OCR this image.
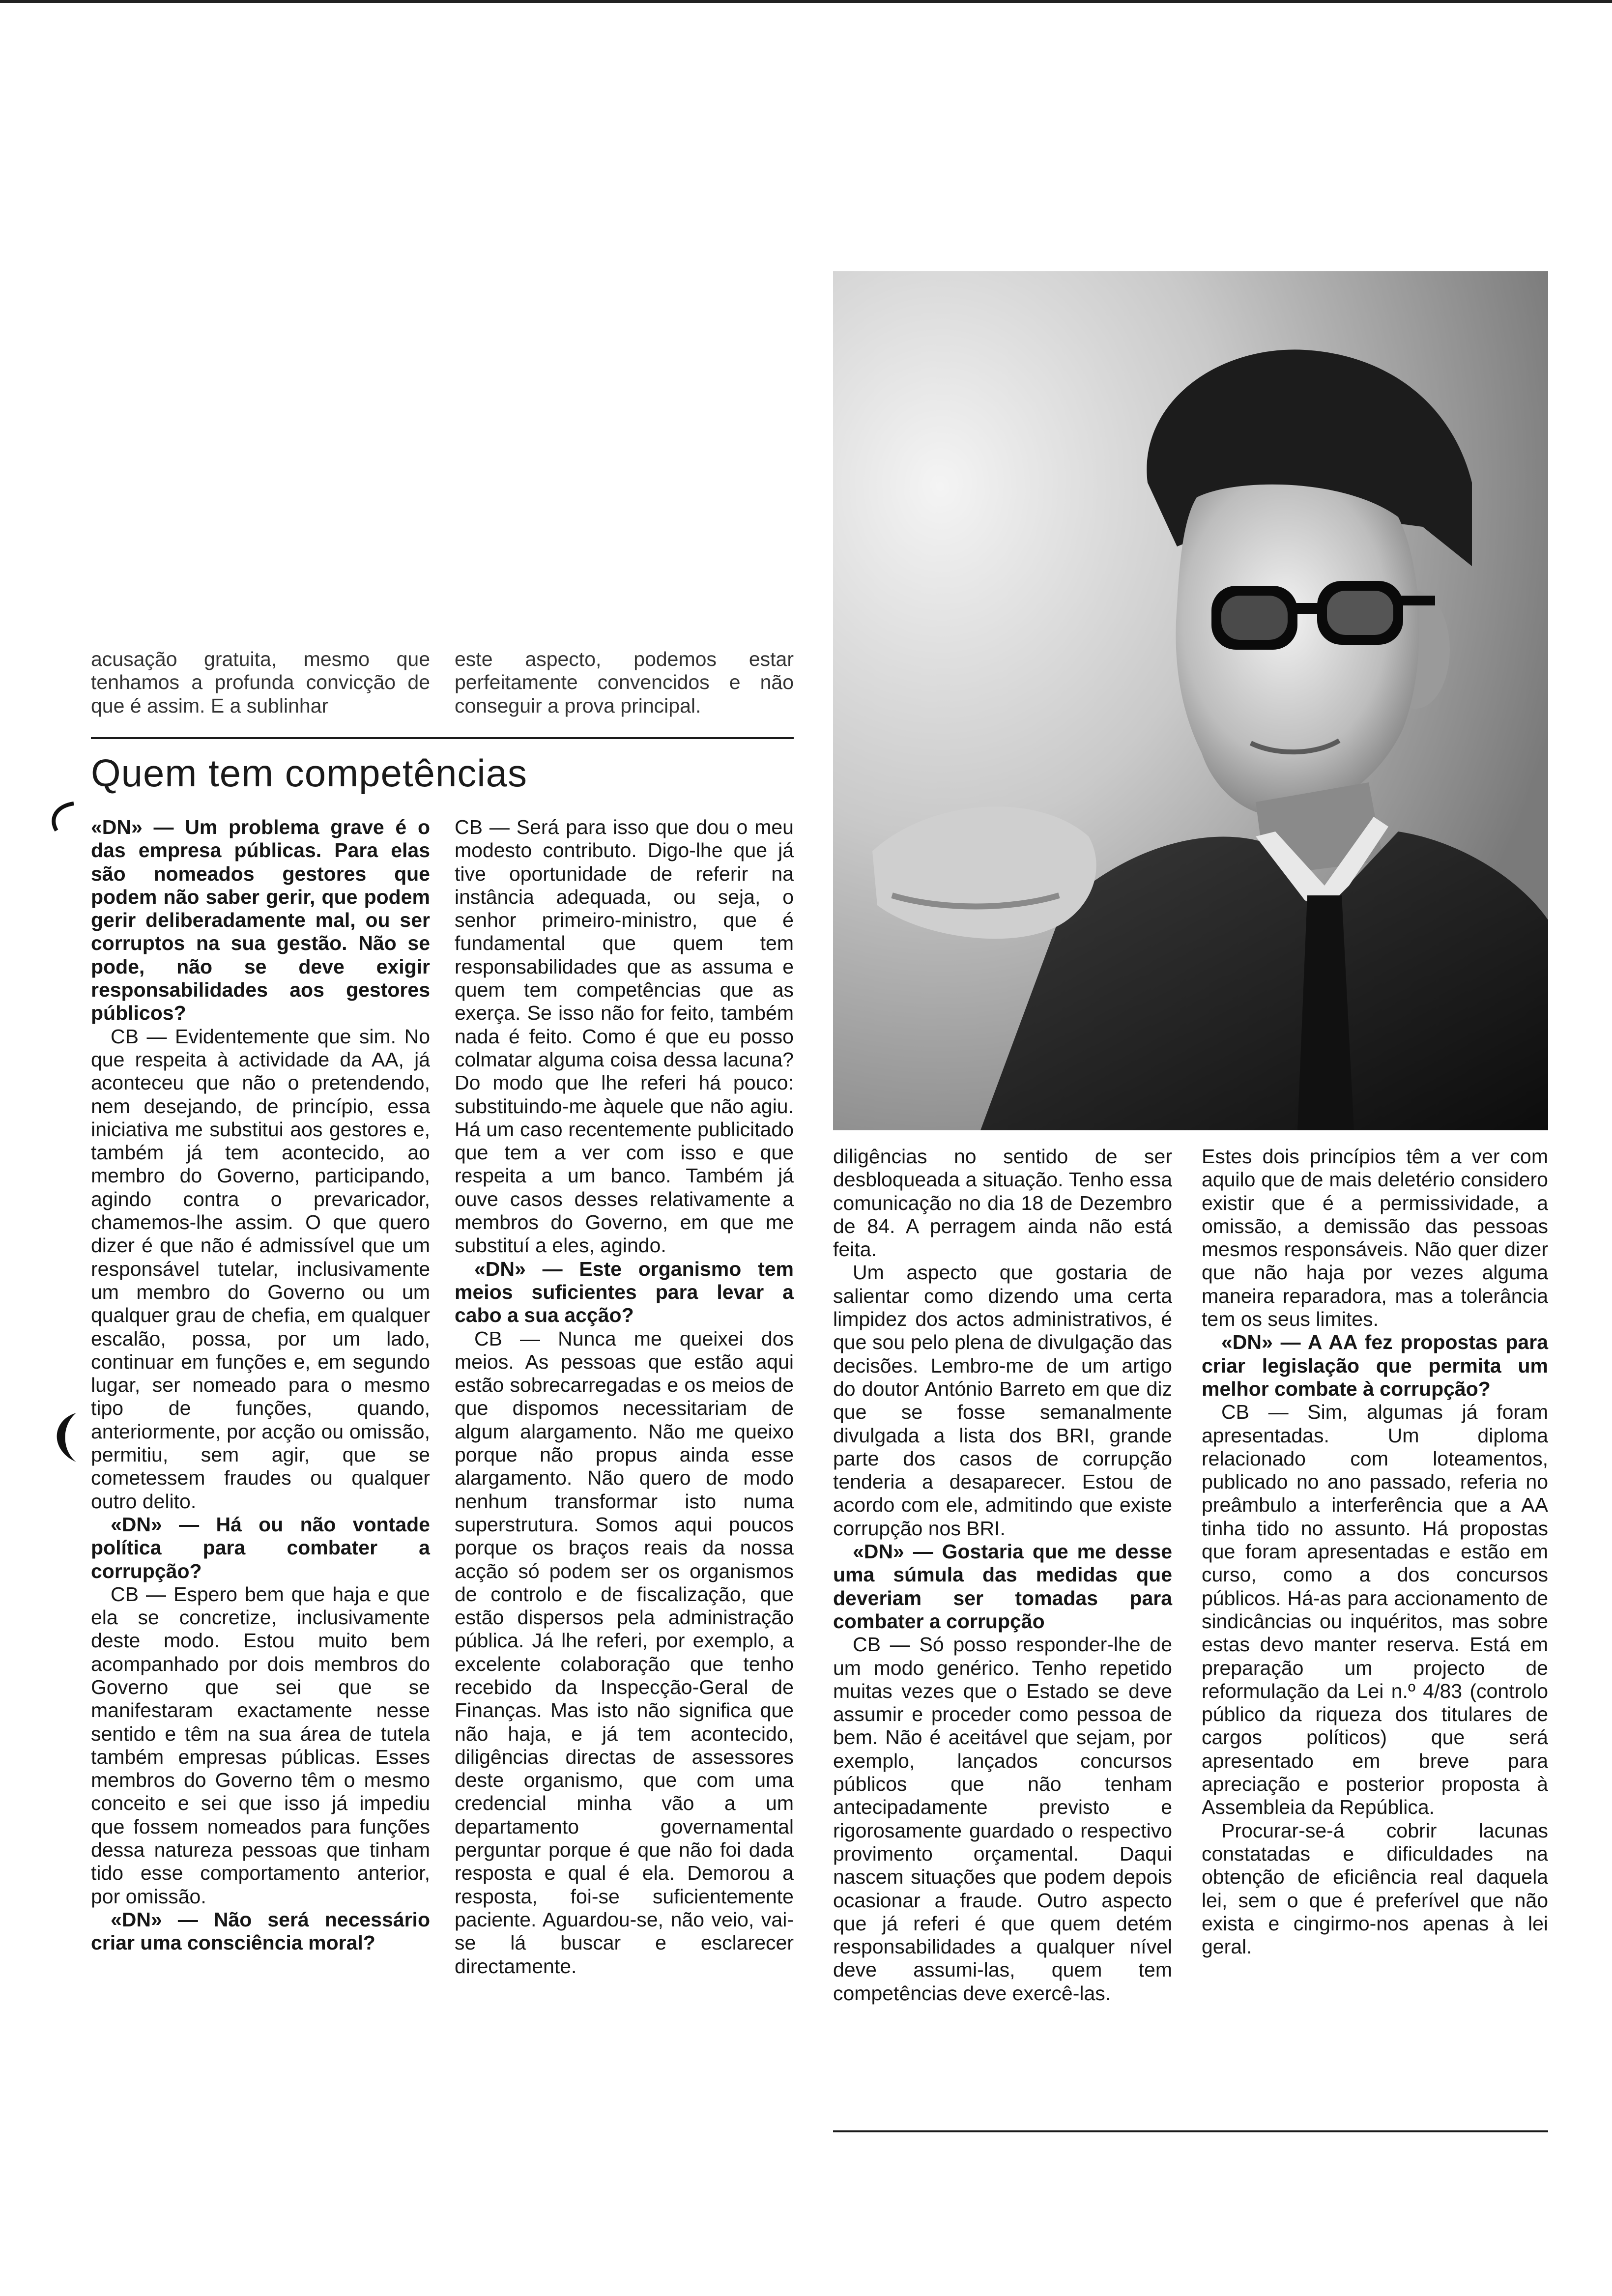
acusação gratuita, mesmo que tenhamos a profunda convicção de que é assim. E a sublinhar

este aspecto, podemos estar perfeitamente convencidos e não conseguir a prova principal.

Quem tem competências

«DN» — Um problema grave é o das empresa públicas. Para elas são nomeados gestores que podem não saber gerir, que podem gerir deliberadamente mal, ou ser corruptos na sua gestão. Não se pode, não se deve exigir responsabilidades aos gestores públicos?

CB — Evidentemente que sim. No que respeita à actividade da AA, já aconteceu que não o pretendendo, nem desejando, de princípio, essa iniciativa me substitui aos gestores e, também já tem acontecido, ao membro do Governo, participando, agindo contra o prevaricador, chamemos-lhe assim. O que quero dizer é que não é admissível que um responsável tutelar, inclusivamente um membro do Governo ou um qualquer grau de chefia, em qualquer escalão, possa, por um lado, continuar em funções e, em segundo lugar, ser nomeado para o mesmo tipo de funções, quando, anteriormente, por acção ou omissão, permitiu, sem agir, que se cometessem fraudes ou qualquer outro delito.

«DN» — Há ou não vontade política para combater a corrupção?

CB — Espero bem que haja e que ela se concretize, inclusivamente deste modo. Estou muito bem acompanhado por dois membros do Governo que sei que se manifestaram exactamente nesse sentido e têm na sua área de tutela também empresas públicas. Esses membros do Governo têm o mesmo conceito e sei que isso já impediu que fossem nomeados para funções dessa natureza pessoas que tinham tido esse comportamento anterior, por omissão.

«DN» — Não será necessário criar uma consciência moral?

CB — Será para isso que dou o meu modesto contributo. Digo-lhe que já tive oportunidade de referir na instância adequada, ou seja, o senhor primeiro-ministro, que é fundamental que quem tem responsabilidades que as assuma e quem tem competências que as exerça. Se isso não for feito, também nada é feito. Como é que eu posso colmatar alguma coisa dessa lacuna? Do modo que lhe referi há pouco: substituindo-me àquele que não agiu. Há um caso recentemente publicitado que tem a ver com isso e que respeita a um banco. Também já ouve casos desses relativamente a membros do Governo, em que me substituí a eles, agindo.

«DN» — Este organismo tem meios suficientes para levar a cabo a sua acção?

CB — Nunca me queixei dos meios. As pessoas que estão aqui estão sobrecarregadas e os meios de que dispomos necessitariam de algum alargamento. Não me queixo porque não propus ainda esse alargamento. Não quero de modo nenhum transformar isto numa superstrutura. Somos aqui poucos porque os braços reais da nossa acção só podem ser os organismos de controlo e de fiscalização, que estão dispersos pela administração pública. Já lhe referi, por exemplo, a excelente colaboração que tenho recebido da Inspecção-Geral de Finanças. Mas isto não significa que não haja, e já tem acontecido, diligências directas de assessores deste organismo, que com uma credencial minha vão a um departamento governamental perguntar porque é que não foi dada resposta e qual é ela. Demorou a resposta, foi-se suficientemente paciente. Aguardou-se, não veio, vai-se lá buscar e esclarecer directamente.

diligências no sentido de ser desbloqueada a situação. Tenho essa comunicação no dia 18 de Dezembro de 84. A perragem ainda não está feita.

Um aspecto que gostaria de salientar como dizendo uma certa limpidez dos actos administrativos, é que sou pelo plena de divulgação das decisões. Lembro-me de um artigo do doutor António Barreto em que diz que se fosse semanalmente divulgada a lista dos BRI, grande parte dos casos de corrupção tenderia a desaparecer. Estou de acordo com ele, admitindo que existe corrupção nos BRI.

«DN» — Gostaria que me desse uma súmula das medidas que deveriam ser tomadas para combater a corrupção

CB — Só posso responder-lhe de um modo genérico. Tenho repetido muitas vezes que o Estado se deve assumir e proceder como pessoa de bem. Não é aceitável que sejam, por exemplo, lançados concursos públicos que não tenham antecipadamente previsto e rigorosamente guardado o respectivo provimento orçamental. Daqui nascem situações que podem depois ocasionar a fraude. Outro aspecto que já referi é que quem detém responsabilidades a qualquer nível deve assumi-las, quem tem competências deve exercê-las.

Estes dois princípios têm a ver com aquilo que de mais deletério considero existir que é a permissividade, a omissão, a demissão das pessoas mesmos responsáveis. Não quer dizer que não haja por vezes alguma maneira reparadora, mas a tolerância tem os seus limites.

«DN» — A AA fez propostas para criar legislação que permita um melhor combate à corrupção?

CB — Sim, algumas já foram apresentadas. Um diploma relacionado com loteamentos, publicado no ano passado, referia no preâmbulo a interferência que a AA tinha tido no assunto. Há propostas que foram apresentadas e estão em curso, como a dos concursos públicos. Há-as para accionamento de sindicâncias ou inquéritos, mas sobre estas devo manter reserva. Está em preparação um projecto de reformulação da Lei n.º 4/83 (controlo público da riqueza dos titulares de cargos políticos) que será apresentado em breve para apreciação e posterior proposta à Assembleia da República.

Procurar-se-á cobrir lacunas constatadas e dificuldades na obtenção de eficiência real daquela lei, sem o que é preferível que não exista e cingirmo-nos apenas à lei geral.
